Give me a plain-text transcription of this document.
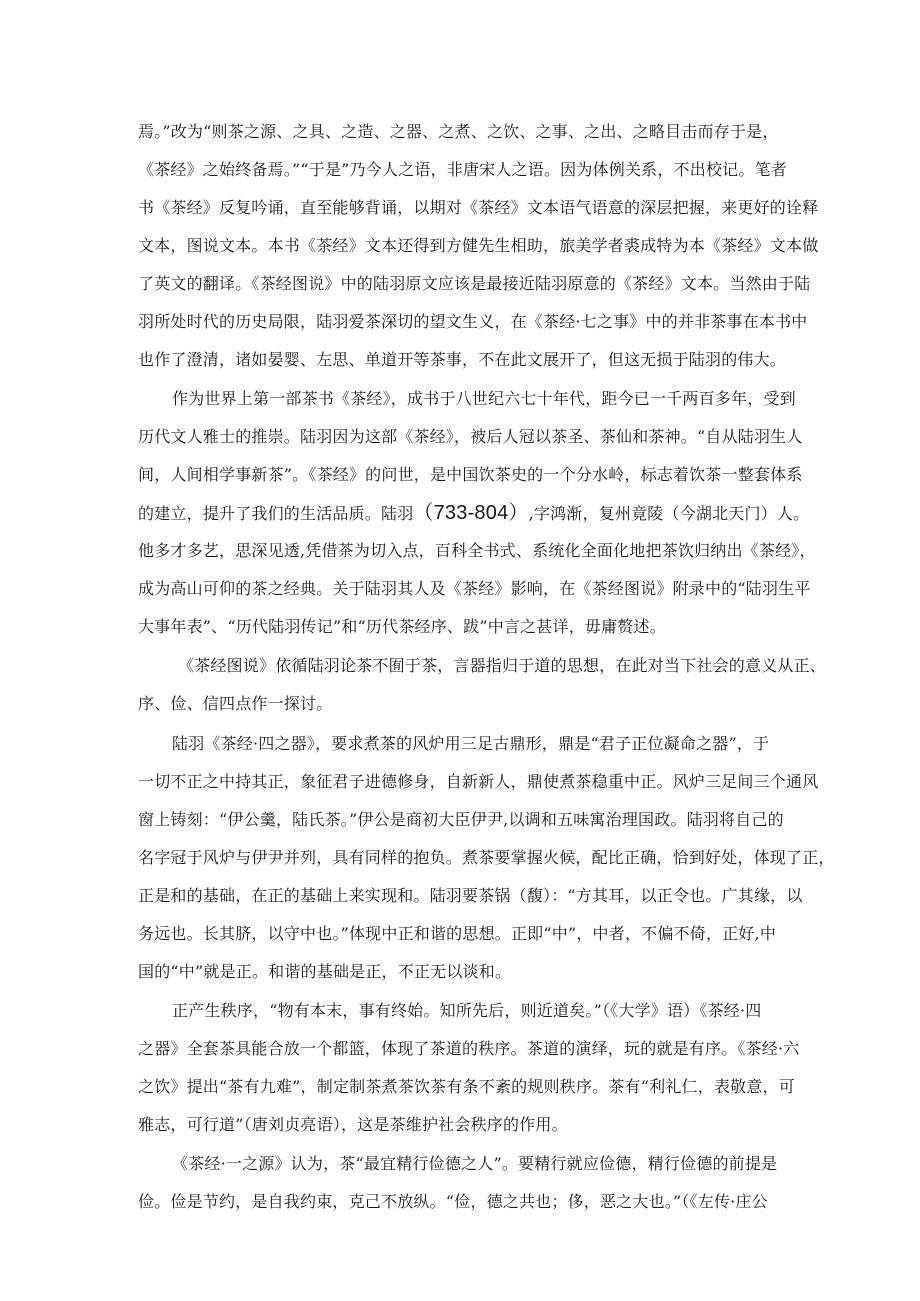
焉。”改为“则茶之源、之具、之造、之器、之煮、之饮、之事、之出、之略目击而存于是，
《茶经》之始终备焉。”“于是”乃今人之语，非唐宋人之语。因为体例关系，不出校记。笔者
书《茶经》反复吟诵，直至能够背诵，以期对《茶经》文本语气语意的深层把握，来更好的诠释
文本，图说文本。本书《茶经》文本还得到方健先生相助，旅美学者裘成特为本《茶经》文本做
了英文的翻译。《茶经图说》中的陆羽原文应该是最接近陆羽原意的《茶经》文本。当然由于陆
羽所处时代的历史局限，陆羽爱茶深切的望文生义，在《茶经·七之事》中的并非茶事在本书中
也作了澄清，诸如晏婴、左思、单道开等茶事，不在此文展开了，但这无损于陆羽的伟大。
作为世界上第一部茶书《茶经》，成书于八世纪六七十年代，距今已一千两百多年，受到
历代文人雅士的推崇。陆羽因为这部《茶经》，被后人冠以茶圣、茶仙和茶神。“自从陆羽生人
间，人间相学事新茶”。《茶经》的问世，是中国饮茶史的一个分水岭，标志着饮茶一整套体系
的建立，提升了我们的生活品质。陆羽（733-804）,字鸿渐，复州竟陵（今湖北天门）人。
他多才多艺，思深见透,凭借茶为切入点，百科全书式、系统化全面化地把茶饮归纳出《茶经》，
成为高山可仰的茶之经典。关于陆羽其人及《茶经》影响，在《茶经图说》附录中的“陆羽生平
大事年表”、“历代陆羽传记”和“历代茶经序、跋”中言之甚详，毋庸赘述。
《茶经图说》依循陆羽论茶不囿于茶，言器指归于道的思想，在此对当下社会的意义从正、
序、俭、信四点作一探讨。
陆羽《茶经·四之器》，要求煮茶的风炉用三足古鼎形，鼎是“君子正位凝命之器”，于
一切不正之中持其正，象征君子进德修身，自新新人，鼎使煮茶稳重中正。风炉三足间三个通风
窗上铸刻：“伊公羹，陆氏茶。”伊公是商初大臣伊尹,以调和五味寓治理国政。陆羽将自己的
名字冠于风炉与伊尹并列，具有同样的抱负。煮茶要掌握火候，配比正确，恰到好处，体现了正，
正是和的基础，在正的基础上来实现和。陆羽要茶锅（馥）：“方其耳，以正令也。广其缘，以
务远也。长其脐，以守中也。”体现中正和谐的思想。正即“中”，中者，不偏不倚，正好,中
国的“中”就是正。和谐的基础是正，不正无以谈和。
正产生秩序，“物有本末，事有终始。知所先后，则近道矣。”（《大学》语）《茶经·四
之器》全套茶具能合放一个都篮，体现了茶道的秩序。茶道的演绎，玩的就是有序。《茶经·六
之饮》提出“茶有九难”，制定制茶煮茶饮茶有条不紊的规则秩序。茶有“利礼仁，表敬意，可
雅志，可行道”（唐刘贞亮语），这是茶维护社会秩序的作用。
《茶经·一之源》认为，茶“最宜精行俭德之人”。要精行就应俭德，精行俭德的前提是
俭。俭是节约，是自我约束，克己不放纵。“俭，德之共也；侈，恶之大也。”（《左传·庄公
